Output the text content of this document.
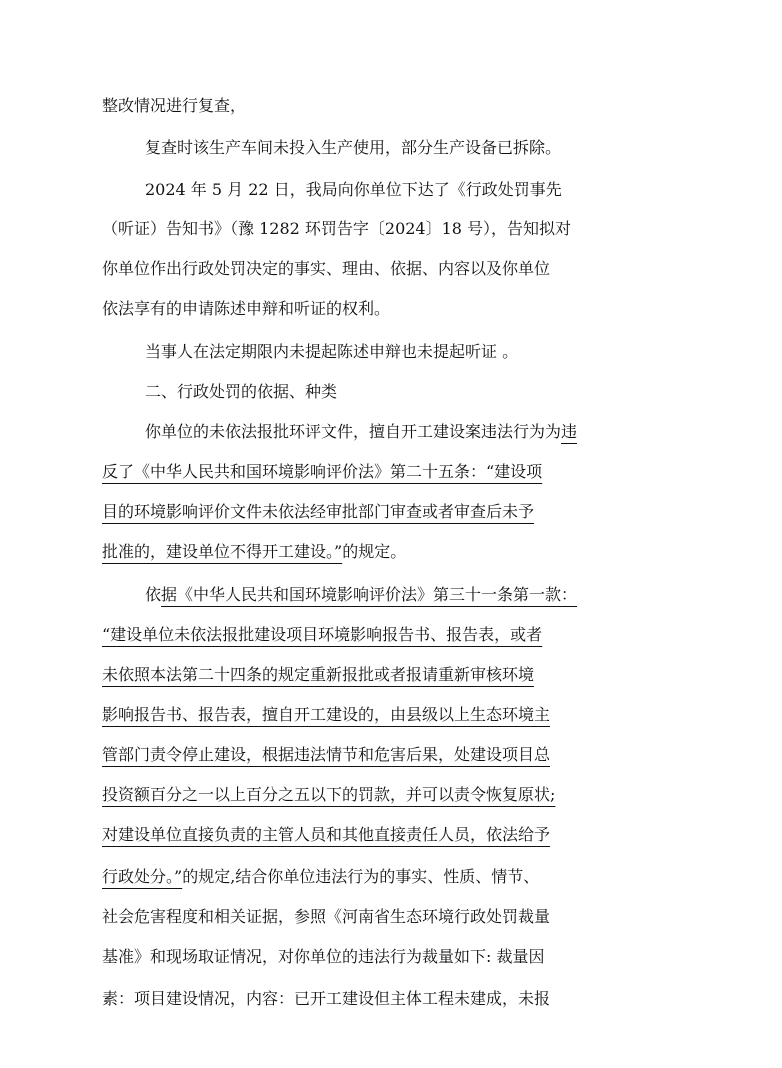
整改情况进行复查，
复查时该生产车间未投入生产使用，部分生产设备已拆除。
2024 年 5 月 22 日，我局向你单位下达了《行政处罚事先
（听证）告知书》（豫 1282 环罚告字〔2024〕18 号），告知拟对
你单位作出行政处罚决定的事实、理由、依据、内容以及你单位
依法享有的申请陈述申辩和听证的权利。
当事人在法定期限内未提起陈述申辩也未提起听证 。
二、行政处罚的依据、种类
你单位的未依法报批环评文件，擅自开工建设案违法行为为违
反了《中华人民共和国环境影响评价法》第二十五条：“建设项
目的环境影响评价文件未依法经审批部门审查或者审查后未予
批准的，建设单位不得开工建设。”的规定。
依据《中华人民共和国环境影响评价法》第三十一条第一款：
“建设单位未依法报批建设项目环境影响报告书、报告表，或者
未依照本法第二十四条的规定重新报批或者报请重新审核环境
影响报告书、报告表，擅自开工建设的，由县级以上生态环境主
管部门责令停止建设，根据违法情节和危害后果，处建设项目总
投资额百分之一以上百分之五以下的罚款，并可以责令恢复原状;
对建设单位直接负责的主管人员和其他直接责任人员，依法给予
行政处分。”的规定,结合你单位违法行为的事实、性质、情节、
社会危害程度和相关证据，参照《河南省生态环境行政处罚裁量
基准》和现场取证情况，对你单位的违法行为裁量如下: 裁量因
素：项目建设情况，内容：已开工建设但主体工程未建成，未报
